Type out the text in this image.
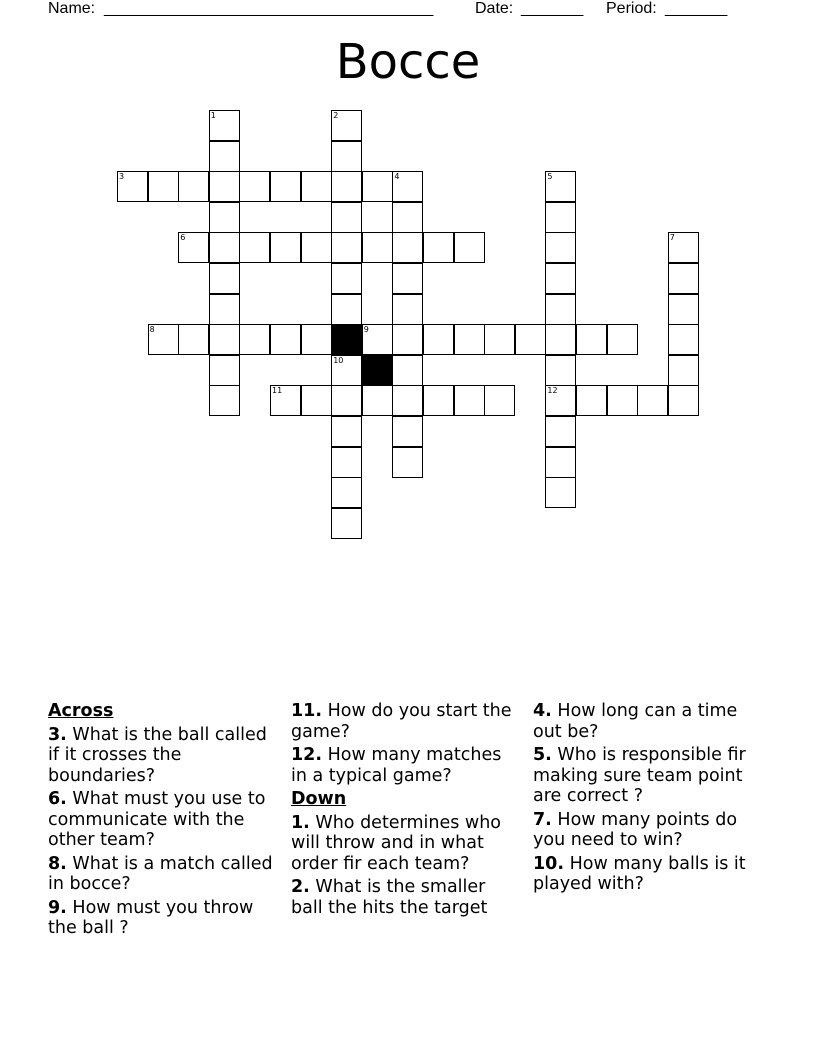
Name: _____________________________________	Date: _______ Period: _______
Bocce
3
6
8	9
11	12
1	2
10
4	5
7
Across
3. What is the ball called if it crosses the boundaries?
6. What must you use to communicate with the other team?
8. What is a match called in bocce?
9. How must you throw the ball ?
11. How do you start the game?
12. How many matches in a typical game?
Down
1. Who determines who will throw and in what order fir each team?
2. What is the smaller ball the hits the target
4. How long can a time out be?
5. Who is responsible fir making sure team point are correct ?
7. How many points do you need to win?
10. How many balls is it played with?
